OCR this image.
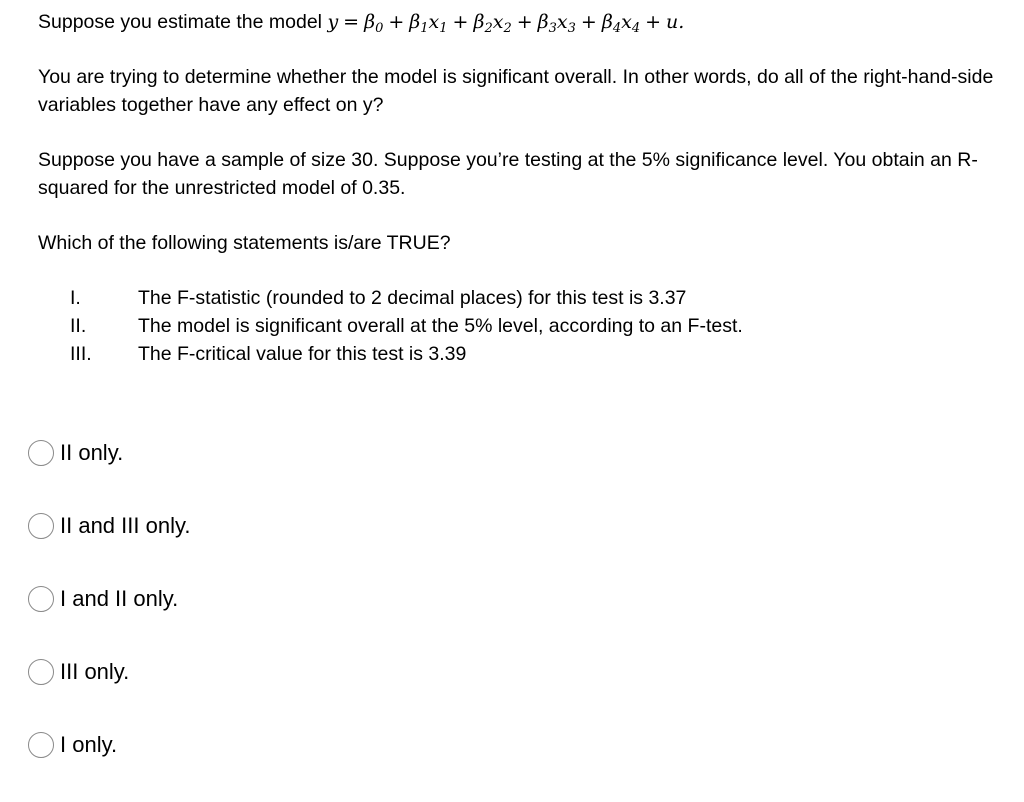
Suppose you estimate the model $y = \beta_0 + \beta_1x_1 + \beta_2x_2 + \beta_3x_3 + \beta_4x_4 + u$.

You are trying to determine whether the model is significant overall. In other words, do all of the right-hand-side variables together have any effect on y?

Suppose you have a sample of size 30. Suppose you’re testing at the 5% significance level. You obtain an R-squared for the unrestricted model of 0.35.

Which of the following statements is/are TRUE?

I.	The F-statistic (rounded to 2 decimal places) for this test is 3.37
II.	The model is significant overall at the 5% level, according to an F-test.
III.	The F-critical value for this test is 3.39
II only.
II and III only.
I and II only.
III only.
I only.
